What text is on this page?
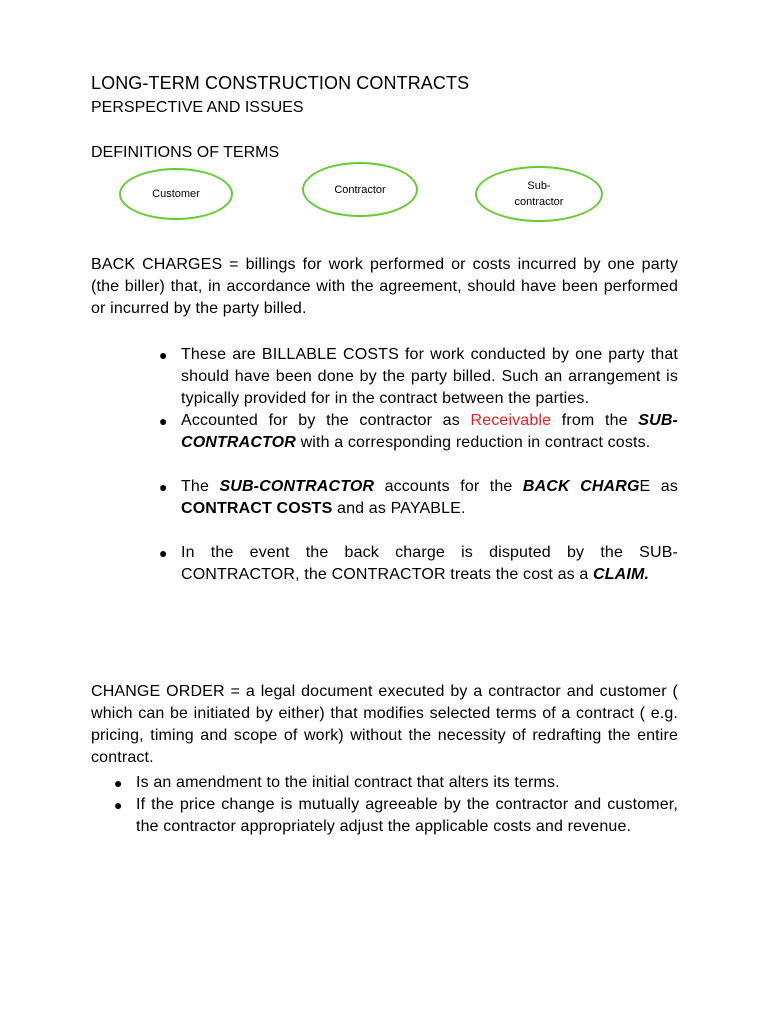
LONG-TERM CONSTRUCTION CONTRACTS
PERSPECTIVE AND ISSUES
DEFINITIONS OF TERMS
Customer	Contractor	Sub-
contractor

BACK CHARGES = billings for work performed or costs incurred by one party (the biller) that, in accordance with the agreement, should have been performed or incurred by the party billed.

● These are BILLABLE COSTS for work conducted by one party that should have been done by the party billed. Such an arrangement is typically provided for in the contract between the parties.
● Accounted for by the contractor as Receivable from the SUB-CONTRACTOR with a corresponding reduction in contract costs.
● The SUB-CONTRACTOR accounts for the BACK CHARGE as CONTRACT COSTS and as PAYABLE.
● In the event the back charge is disputed by the SUB-CONTRACTOR, the CONTRACTOR treats the cost as a CLAIM.

CHANGE ORDER = a legal document executed by a contractor and customer ( which can be initiated by either) that modifies selected terms of a contract ( e.g. pricing, timing and scope of work) without the necessity of redrafting the entire contract.

● Is an amendment to the initial contract that alters its terms.
● If the price change is mutually agreeable by the contractor and customer, the contractor appropriately adjust the applicable costs and revenue.
